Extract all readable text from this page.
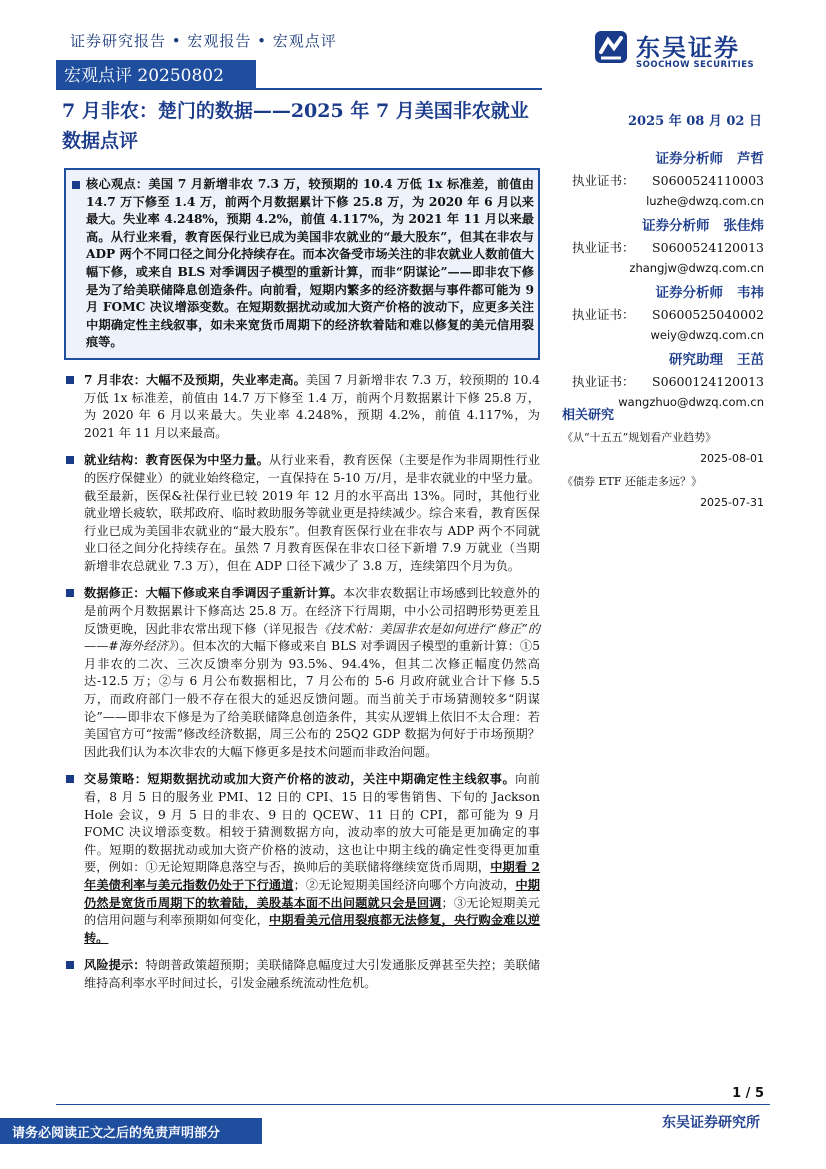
证券研究报告 • 宏观报告 • 宏观点评
宏观点评 20250802
东吴证券
SOOCHOW SECURITIES
7 月非农：楚门的数据——2025 年 7 月美国非农就业数据点评
2025 年 08 月 02 日
证券分析师 芦哲
执业证书： S0600524110003
luzhe@dwzq.com.cn
证券分析师 张佳炜
执业证书： S0600524120013
zhangjw@dwzq.com.cn
证券分析师 韦祎
执业证书： S0600525040002
weiy@dwzq.com.cn
研究助理 王茁
执业证书： S0600124120013
wangzhuo@dwzq.com.cn
相关研究
《从“十五五”规划看产业趋势》
2025-08-01
《债券 ETF 还能走多远？》
2025-07-31
核心观点：美国 7 月新增非农 7.3 万，较预期的 10.4 万低 1x 标准差，前值由 14.7 万下修至 1.4 万，前两个月数据累计下修 25.8 万，为 2020 年 6 月以来最大。失业率 4.248%，预期 4.2%，前值 4.117%，为 2021 年 11 月以来最高。从行业来看，教育医保行业已成为美国非农就业的“最大股东”，但其在非农与 ADP 两个不同口径之间分化持续存在。而本次备受市场关注的非农就业人数前值大幅下修，或来自 BLS 对季调因子模型的重新计算，而非“阴谋论”——即非农下修是为了给美联储降息创造条件。向前看，短期内繁多的经济数据与事件都可能为 9 月 FOMC 决议增添变数。在短期数据扰动或加大资产价格的波动下，应更多关注中期确定性主线叙事，如未来宽货币周期下的经济软着陆和难以修复的美元信用裂痕等。
7 月非农：大幅不及预期，失业率走高。美国 7 月新增非农 7.3 万，较预期的 10.4 万低 1x 标准差，前值由 14.7 万下修至 1.4 万，前两个月数据累计下修 25.8 万，为 2020 年 6 月以来最大。失业率 4.248%，预期 4.2%，前值 4.117%，为 2021 年 11 月以来最高。
就业结构：教育医保为中坚力量。从行业来看，教育医保（主要是作为非周期性行业的医疗保健业）的就业始终稳定，一直保持在 5-10 万/月，是非农就业的中坚力量。截至最新，医保&社保行业已较 2019 年 12 月的水平高出 13%。同时，其他行业就业增长疲软，联邦政府、临时救助服务等就业更是持续减少。综合来看，教育医保行业已成为美国非农就业的“最大股东”。但教育医保行业在非农与 ADP 两个不同就业口径之间分化持续存在。虽然 7 月教育医保在非农口径下新增 7.9 万就业（当期新增非农总就业 7.3 万），但在 ADP 口径下减少了 3.8 万，连续第四个月为负。
数据修正：大幅下修或来自季调因子重新计算。本次非农数据让市场感到比较意外的是前两个月数据累计下修高达 25.8 万。在经济下行周期，中小公司招聘形势更差且反馈更晚，因此非农常出现下修（详见报告《技术帖：美国非农是如何进行“修正”的 ——#海外经济》）。但本次的大幅下修或来自 BLS 对季调因子模型的重新计算：①5 月非农的二次、三次反馈率分别为 93.5%、94.4%，但其二次修正幅度仍然高达-12.5 万；②与 6 月公布数据相比，7 月公布的 5-6 月政府就业合计下修 5.5 万，而政府部门一般不存在很大的延迟反馈问题。而当前关于市场猜测较多“阴谋论”——即非农下修是为了给美联储降息创造条件，其实从逻辑上依旧不太合理：若美国官方可“按需”修改经济数据，周三公布的 25Q2 GDP 数据为何好于市场预期？因此我们认为本次非农的大幅下修更多是技术问题而非政治问题。
交易策略：短期数据扰动或加大资产价格的波动，关注中期确定性主线叙事。向前看，8 月 5 日的服务业 PMI、12 日的 CPI、15 日的零售销售、下旬的 Jackson Hole 会议，9 月 5 日的非农、9 日的 QCEW、11 日的 CPI，都可能为 9 月 FOMC 决议增添变数。相较于猜测数据方向，波动率的放大可能是更加确定的事件。短期的数据扰动或加大资产价格的波动，这也让中期主线的确定性变得更加重要，例如：①无论短期降息落空与否，换帅后的美联储将继续宽货币周期，中期看 2 年美债利率与美元指数仍处于下行通道；②无论短期美国经济向哪个方向波动，中期仍然是宽货币周期下的软着陆，美股基本面不出问题就只会是回调；③无论短期美元的信用问题与利率预期如何变化，中期看美元信用裂痕都无法修复，央行购金难以逆转。
风险提示：特朗普政策超预期；美联储降息幅度过大引发通胀反弹甚至失控；美联储维持高利率水平时间过长，引发金融系统流动性危机。
1 / 5
东吴证券研究所
请务必阅读正文之后的免责声明部分
